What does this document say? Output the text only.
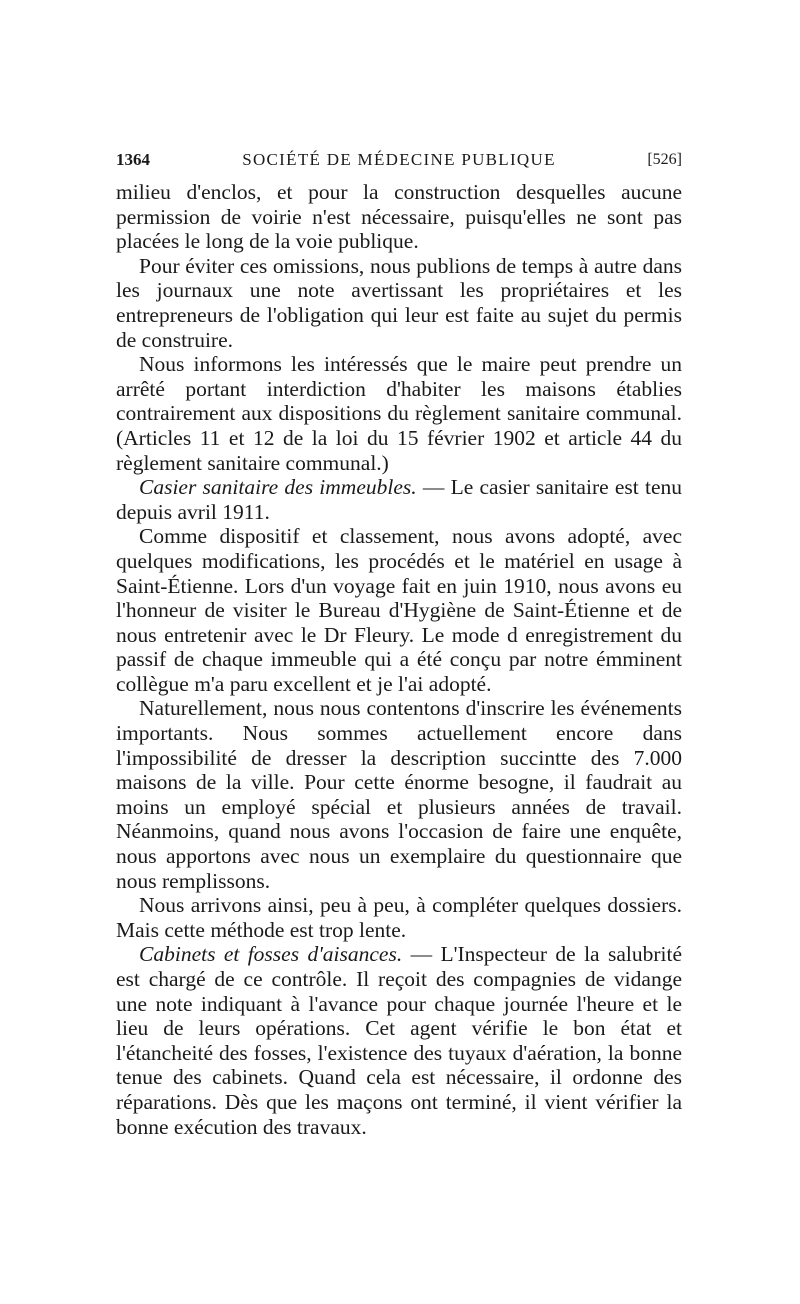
1364	SOCIÉTÉ DE MÉDECINE PUBLIQUE	[526]

milieu d'enclos, et pour la construction desquelles aucune permission de voirie n'est nécessaire, puisqu'elles ne sont pas placées le long de la voie publique.

Pour éviter ces omissions, nous publions de temps à autre dans les journaux une note avertissant les propriétaires et les entrepreneurs de l'obligation qui leur est faite au sujet du permis de construire.

Nous informons les intéressés que le maire peut prendre un arrêté portant interdiction d'habiter les maisons établies contrairement aux dispositions du règlement sanitaire communal. (Articles 11 et 12 de la loi du 15 février 1902 et article 44 du règlement sanitaire communal.)

Casier sanitaire des immeubles. — Le casier sanitaire est tenu depuis avril 1911.

Comme dispositif et classement, nous avons adopté, avec quelques modifications, les procédés et le matériel en usage à Saint-Étienne. Lors d'un voyage fait en juin 1910, nous avons eu l'honneur de visiter le Bureau d'Hygiène de Saint-Étienne et de nous entretenir avec le Dr Fleury. Le mode d enregistrement du passif de chaque immeuble qui a été conçu par notre émminent collègue m'a paru excellent et je l'ai adopté.

Naturellement, nous nous contentons d'inscrire les événements importants. Nous sommes actuellement encore dans l'impossibilité de dresser la description succintte des 7.000 maisons de la ville. Pour cette énorme besogne, il faudrait au moins un employé spécial et plusieurs années de travail. Néanmoins, quand nous avons l'occasion de faire une enquête, nous apportons avec nous un exemplaire du questionnaire que nous remplissons.

Nous arrivons ainsi, peu à peu, à compléter quelques dossiers. Mais cette méthode est trop lente.

Cabinets et fosses d'aisances. — L'Inspecteur de la salubrité est chargé de ce contrôle. Il reçoit des compagnies de vidange une note indiquant à l'avance pour chaque journée l'heure et le lieu de leurs opérations. Cet agent vérifie le bon état et l'étancheité des fosses, l'existence des tuyaux d'aération, la bonne tenue des cabinets. Quand cela est nécessaire, il ordonne des réparations. Dès que les maçons ont terminé, il vient vérifier la bonne exécution des travaux.
